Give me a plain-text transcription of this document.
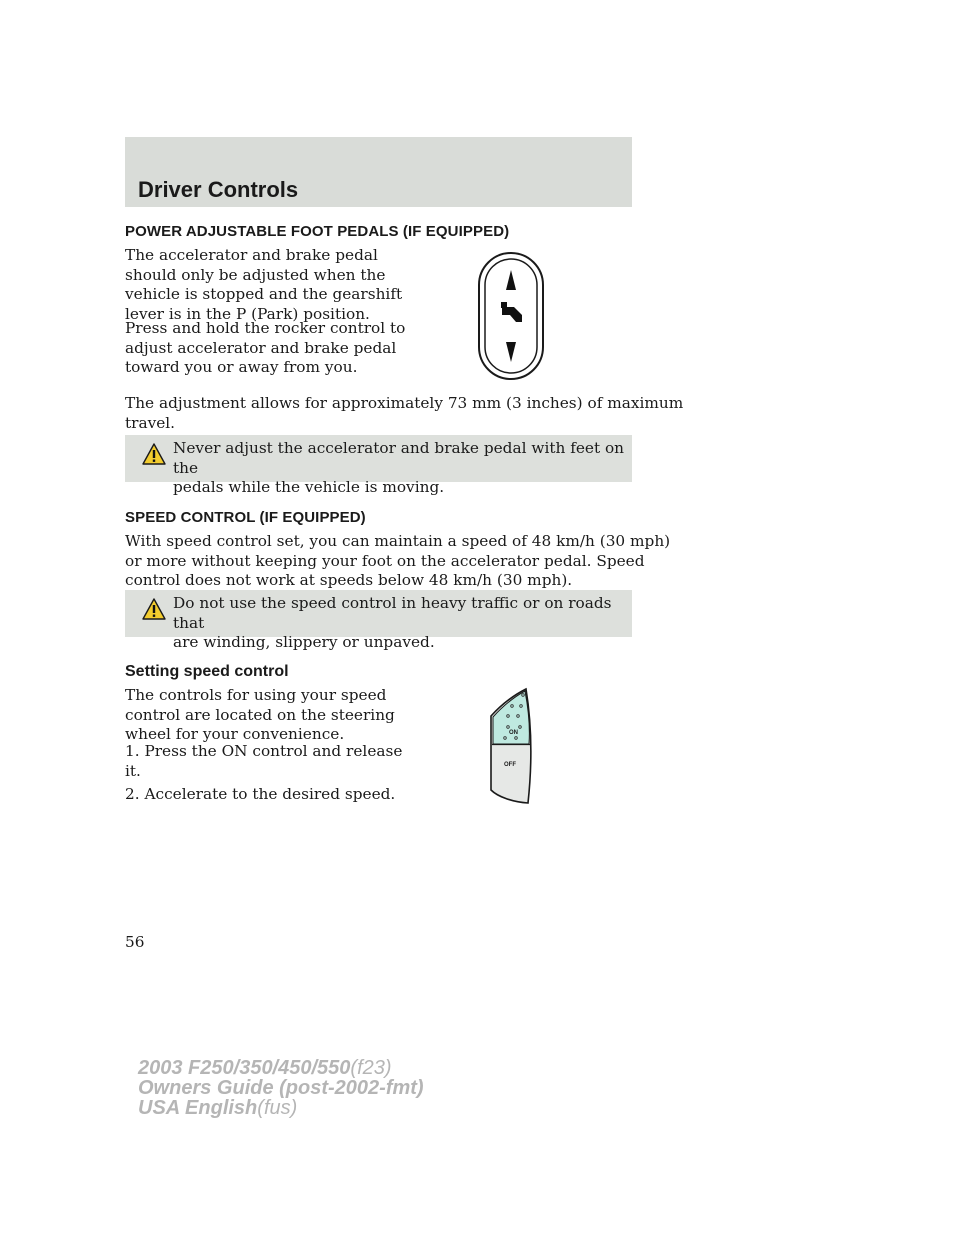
Driver Controls
POWER ADJUSTABLE FOOT PEDALS (IF EQUIPPED)

The accelerator and brake pedal
should only be adjusted when the
vehicle is stopped and the gearshift
lever is in the P (Park) position.

Press and hold the rocker control to
adjust accelerator and brake pedal
toward you or away from you.

The adjustment allows for approximately 73 mm (3 inches) of maximum
travel.

Never adjust the accelerator and brake pedal with feet on the
pedals while the vehicle is moving.

SPEED CONTROL (IF EQUIPPED)

With speed control set, you can maintain a speed of 48 km/h (30 mph)
or more without keeping your foot on the accelerator pedal. Speed
control does not work at speeds below 48 km/h (30 mph).

Do not use the speed control in heavy traffic or on roads that
are winding, slippery or unpaved.

Setting speed control

The controls for using your speed
control are located on the steering
wheel for your convenience.

1. Press the ON control and release
it.

2. Accelerate to the desired speed.

ON
OFF

56

2003 F250/350/450/550(f23)

Owners Guide (post-2002-fmt)

USA English(fus)
